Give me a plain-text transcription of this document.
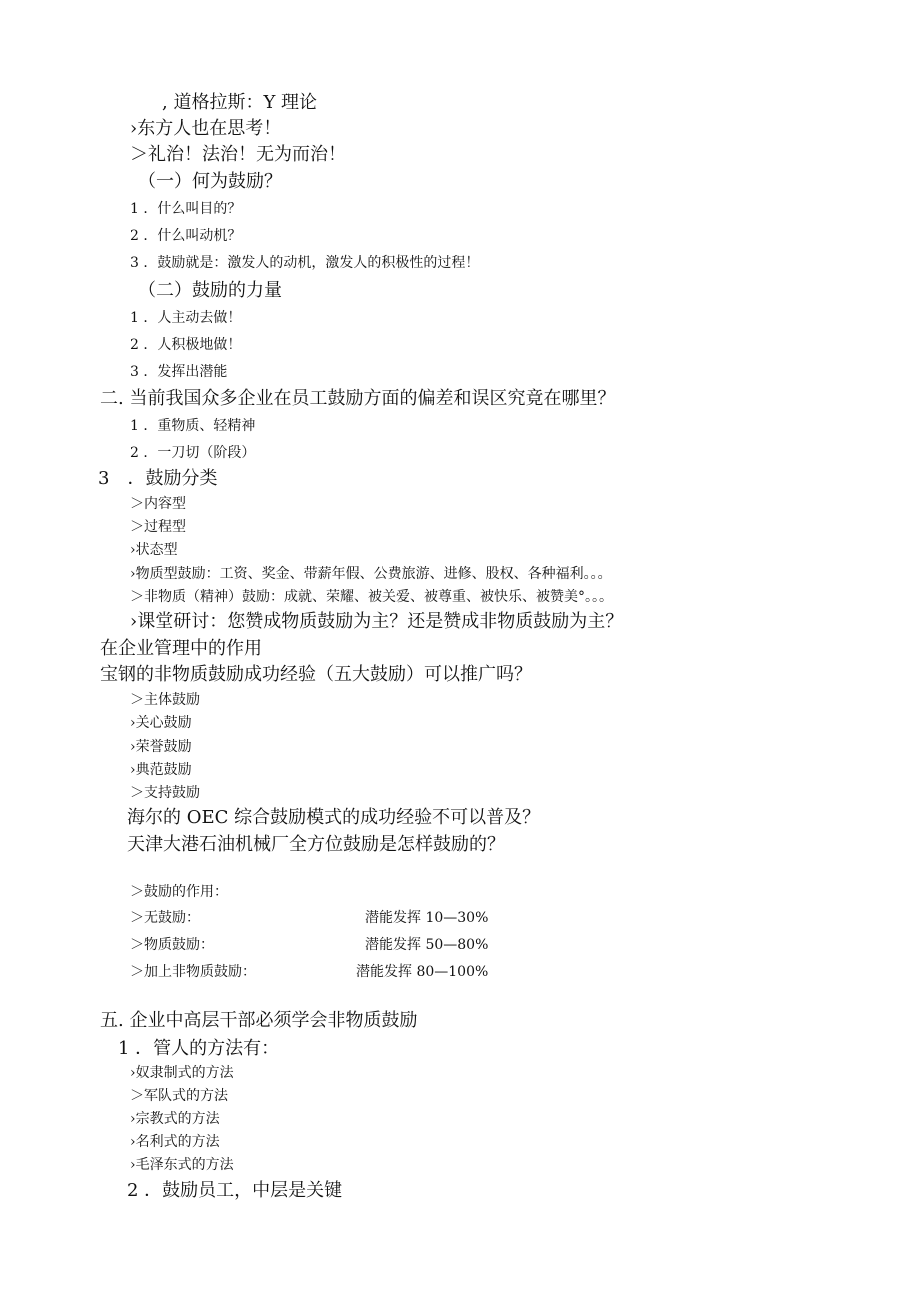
, 道格拉斯：Y 理论
›东方人也在思考！
＞礼治！法治！无为而治！
（一）何为鼓励？
1 ．什么叫目的？
2 ．什么叫动机？
3 ．鼓励就是：激发人的动机，激发人的积极性的过程！
（二）鼓励的力量
1 ．人主动去做！
2 ．人积极地做！
3 ．发挥出潜能
二. 当前我国众多企业在员工鼓励方面的偏差和误区究竟在哪里？
1 ．重物质、轻精神
2 ．一刀切（阶段）
3　．鼓励分类
＞内容型
＞过程型
›状态型
›物质型鼓励：工资、奖金、带薪年假、公费旅游、进修、股权、各种福利。。。
＞非物质（精神）鼓励：成就、荣耀、被关爱、被尊重、被快乐、被赞美°。。。
›课堂研讨：您赞成物质鼓励为主？还是赞成非物质鼓励为主？
在企业管理中的作用
宝钢的非物质鼓励成功经验（五大鼓励）可以推广吗？
＞主体鼓励
›关心鼓励
›荣誉鼓励
›典范鼓励
＞支持鼓励
海尔的 OEC 综合鼓励模式的成功经验不可以普及？
天津大港石油机械厂全方位鼓励是怎样鼓励的？
＞鼓励的作用：
＞无鼓励：	潜能发挥 10—30%
＞物质鼓励：	潜能发挥 50—80%
＞加上非物质鼓励：	潜能发挥 80—100%
五. 企业中高层干部必须学会非物质鼓励
1 ．管人的方法有：
›奴隶制式的方法
＞军队式的方法
›宗教式的方法
›名利式的方法
›毛泽东式的方法
2 ．鼓励员工，中层是关键
